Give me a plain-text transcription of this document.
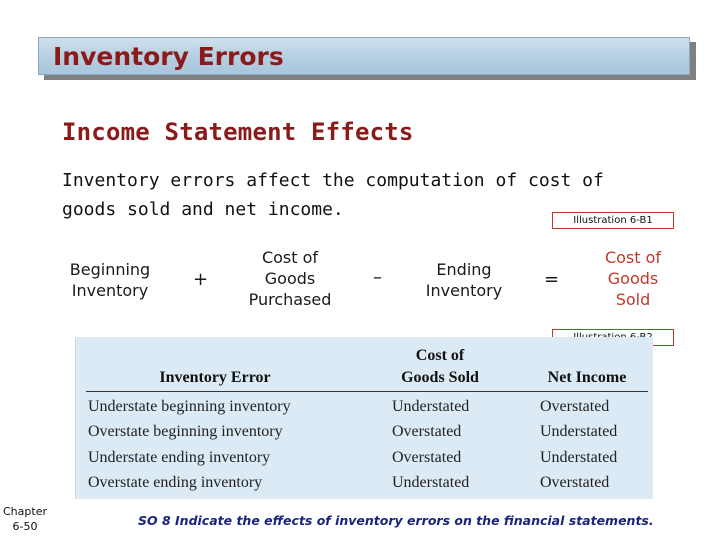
Inventory Errors
Income Statement Effects
Inventory errors affect the computation of cost of
goods sold and net income.
Illustration 6-B1
Beginning
Inventory
+
Cost of
Goods
Purchased
–	Ending
Inventory
=
Cost of
Goods
Sold
Inventory Error
Cost of
Goods Sold	Net Income
Understate beginning inventory	Understated	Overstated
Overstate beginning inventory	Overstated	Understated
Understate ending inventory	Overstated	Understated
Overstate ending inventory	Understated	Overstated
Chapter
6-50	SO 8 Indicate the effects of inventory errors on the financial statements.
